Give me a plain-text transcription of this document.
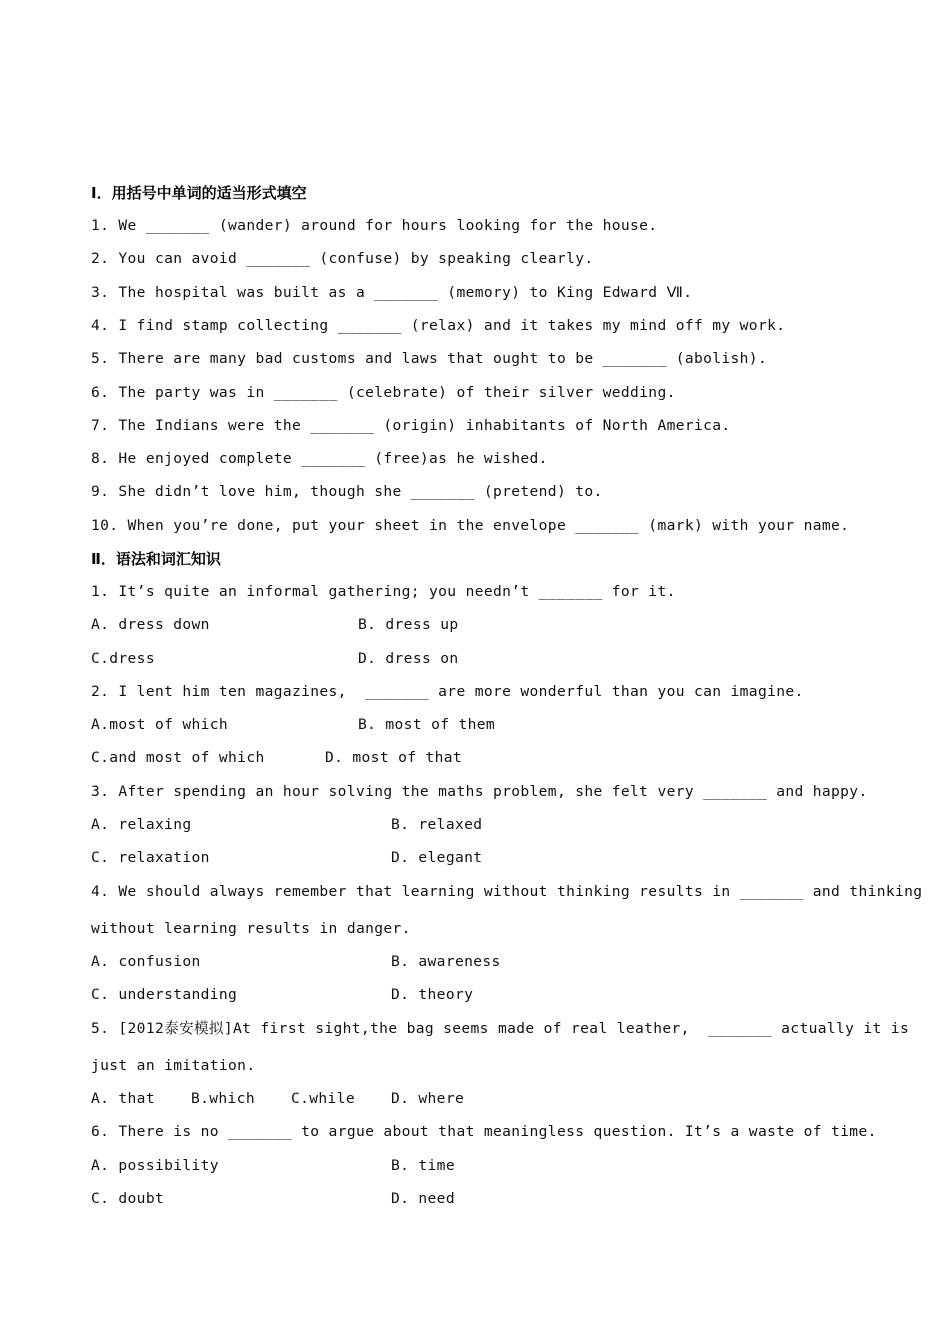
Ⅰ．用括号中单词的适当形式填空
1. We _______ (wander) around for hours looking for the house.
2. You can avoid _______ (confuse) by speaking clearly.
3. The hospital was built as a _______ (memory) to King Edward Ⅶ.
4. I find stamp collecting _______ (relax) and it takes my mind off my work.
5. There are many bad customs and laws that ought to be _______ (abolish).
6. The party was in _______ (celebrate) of their silver wedding.
7. The Indians were the _______ (origin) inhabitants of North America.
8. He enjoyed complete _______ (free)as he wished.
9. She didn’t love him, though she _______ (pretend) to.
10. When you’re done, put your sheet in the envelope _______ (mark) with your name.
Ⅱ．语法和词汇知识
1. It’s quite an informal gathering; you needn’t _______ for it.
A. dress down	B. dress up
C.dress	D. dress on
2. I lent him ten magazines,  _______ are more wonderful than you can imagine.
A.most of which	B. most of them
C.and most of which	D. most of that
3. After spending an hour solving the maths problem, she felt very _______ and happy.
A. relaxing	B. relaxed
C. relaxation	D. elegant
4. We should always remember that learning without thinking results in _______ and thinking
without learning results in danger.
A. confusion	B. awareness
C. understanding	D. theory
5. [2012泰安模拟]At first sight,the bag seems made of real leather,  _______ actually it is
just an imitation.
A. that B.which C.while D. where
6. There is no _______ to argue about that meaningless question. It’s a waste of time.
A. possibility	B. time
C. doubt	D. need
